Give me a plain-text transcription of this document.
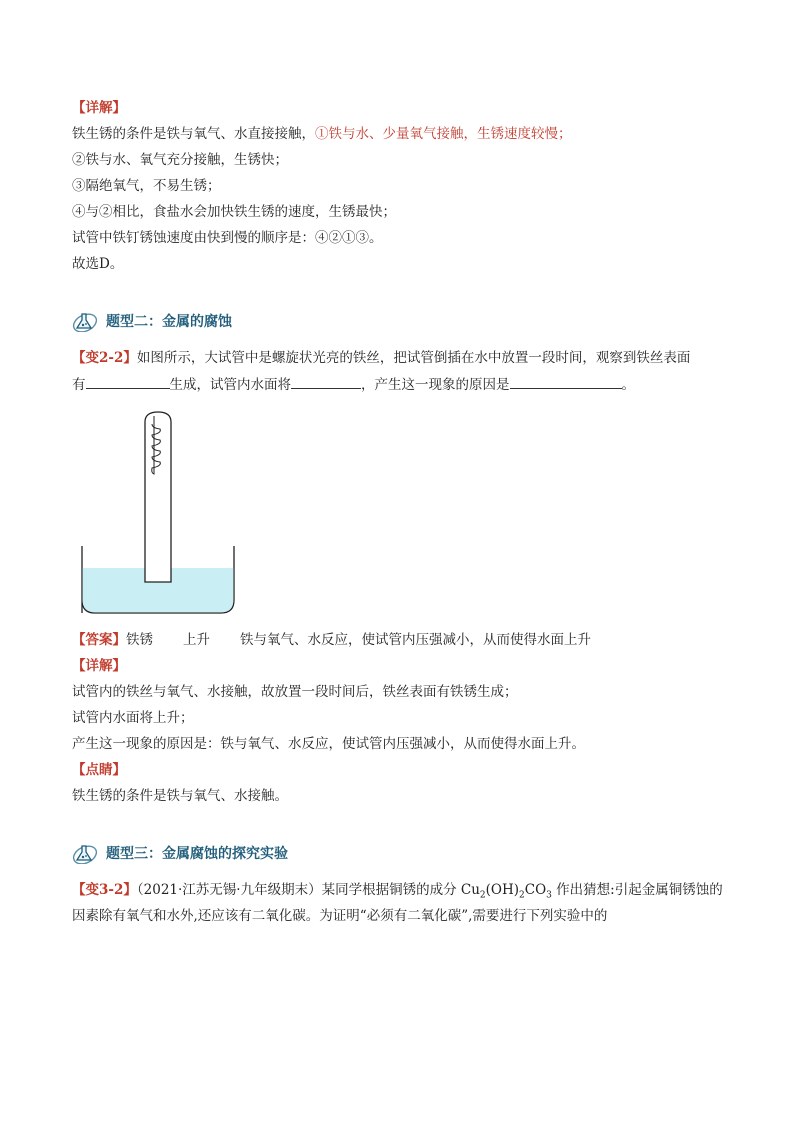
【详解】
铁生锈的条件是铁与氧气、水直接接触，①铁与水、少量氧气接触，生锈速度较慢；
②铁与水、氧气充分接触，生锈快；
③隔绝氧气，不易生锈；
④与②相比，食盐水会加快铁生锈的速度，生锈最快；
试管中铁钉锈蚀速度由快到慢的顺序是：④②①③。
故选D。
题型二：金属的腐蚀
【变2-2】如图所示，大试管中是螺旋状光亮的铁丝，把试管倒插在水中放置一段时间，观察到铁丝表面
有	生成，试管内水面将	，产生这一现象的原因是	。
【答案】铁锈 上升 铁与氧气、水反应，使试管内压强减小，从而使得水面上升
【详解】
试管内的铁丝与氧气、水接触，故放置一段时间后，铁丝表面有铁锈生成；
试管内水面将上升；
产生这一现象的原因是：铁与氧气、水反应，使试管内压强减小，从而使得水面上升。
【点睛】
铁生锈的条件是铁与氧气、水接触。
题型三：金属腐蚀的探究实验
【变3-2】（2021·江苏无锡·九年级期末）某同学根据铜锈的成分 $Cu_2(OH)_2CO_3$ 作出猜想:引起金属铜锈蚀的
因素除有氧气和水外,还应该有二氧化碳。为证明“必须有二氧化碳”,需要进行下列实验中的
